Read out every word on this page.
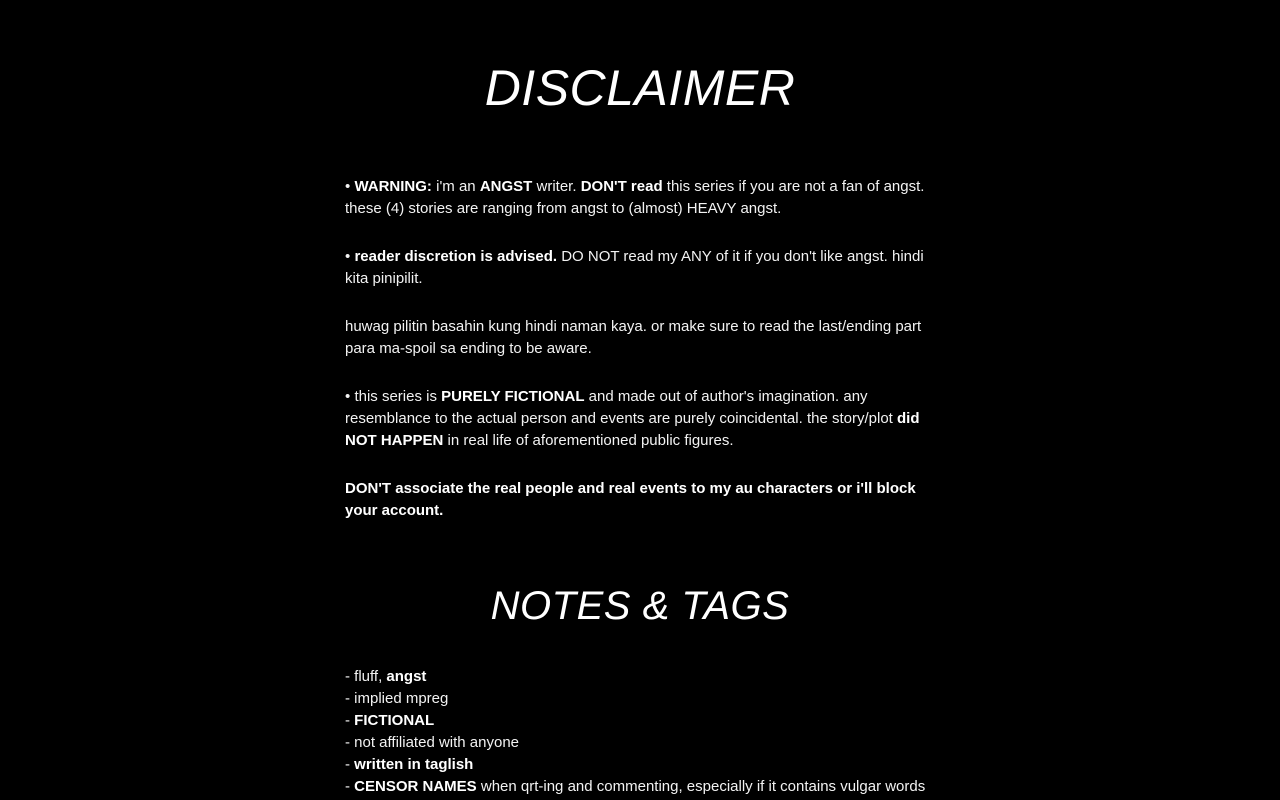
DISCLAIMER

• WARNING: i'm an ANGST writer. DON'T read this series if you are not a fan of angst. these (4) stories are ranging from angst to (almost) HEAVY angst.

• reader discretion is advised. DO NOT read my ANY of it if you don't like angst. hindi kita pinipilit.

huwag pilitin basahin kung hindi naman kaya. or make sure to read the last/ending part para ma-spoil sa ending to be aware.

• this series is PURELY FICTIONAL and made out of author's imagination. any resemblance to the actual person and events are purely coincidental. the story/plot did NOT HAPPEN in real life of aforementioned public figures.

DON'T associate the real people and real events to my au characters or i'll block your account.

NOTES & TAGS
- fluff, angst
- implied mpreg
- FICTIONAL
- not affiliated with anyone
- written in taglish
- CENSOR NAMES when qrt-ing and commenting, especially if it contains vulgar words
